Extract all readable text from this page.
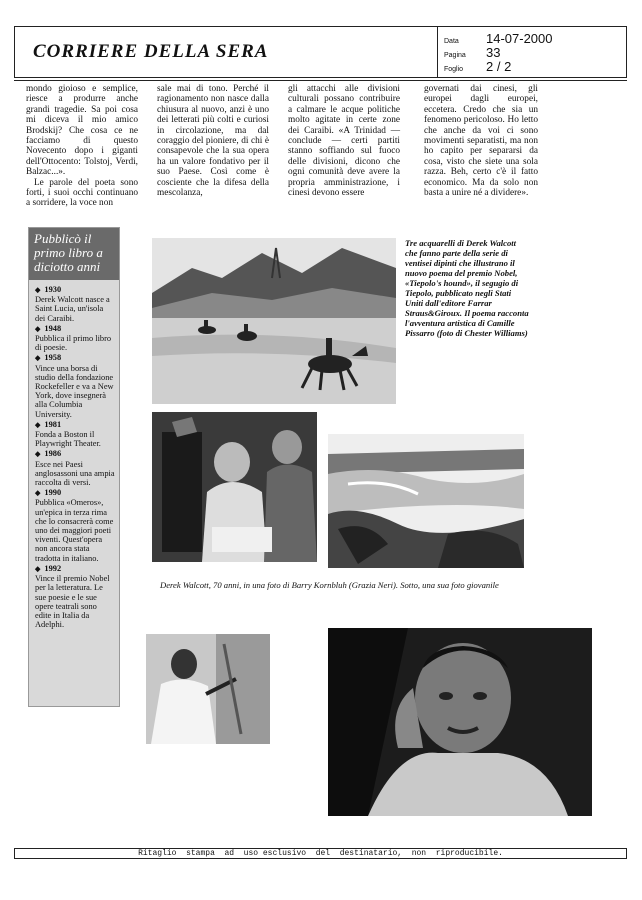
CORRIERE DELLA SERA	Data	14-07-2000
Pagina	33
Foglio	2 / 2

mondo gioioso e semplice, riesce a produrre anche grandi tragedie. Sa poi cosa mi diceva il mio amico Brodskij? Che cosa ce ne facciamo di questo Novecento dopo i giganti dell'Ottocento: Tolstoj, Verdi, Balzac...».

Le parole del poeta sono forti, i suoi occhi continuano a sorridere, la voce non

sale mai di tono. Perché il ragionamento non nasce dalla chiusura al nuovo, anzi è uno dei letterati più colti e curiosi in circolazione, ma dal coraggio del pioniere, di chi è consapevole che la sua opera ha un valore fondativo per il suo Paese. Così come è cosciente che la difesa della mescolanza,

gli attacchi alle divisioni culturali possano contribuire a calmare le acque politiche molto agitate in certe zone dei Caraibi. «A Trinidad — conclude — certi partiti stanno soffiando sul fuoco delle divisioni, dicono che ogni comunità deve avere la propria amministrazione, i cinesi devono essere

governati dai cinesi, gli europei dagli europei, eccetera. Credo che sia un fenomeno pericoloso. Ho letto che anche da voi ci sono movimenti separatisti, ma non ho capito per separarsi da cosa, visto che siete una sola razza. Beh, certo c'è il fatto economico. Ma da solo non basta a unire né a dividere».

Pubblicò il primo libro a diciotto anni
◆ 1930
Derek Walcott nasce a Saint Lucia, un'isola dei Caraibi.
◆ 1948
Pubblica il primo libro di poesie.
◆ 1958
Vince una borsa di studio della fondazione Rockefeller e va a New York, dove insegnerà alla Columbia University.
◆ 1981
Fonda a Boston il Playwright Theater.
◆ 1986
Esce nei Paesi anglosassoni una ampia raccolta di versi.
◆ 1990
Pubblica «Omeros», un'epica in terza rima che lo consacrerà come uno dei maggiori poeti viventi. Quest'opera non ancora stata tradotta in italiano.
◆ 1992
Vince il premio Nobel per la letteratura. Le sue poesie e le sue opere teatrali sono edite in Italia da Adelphi.
Tre acquarelli di Derek Walcott che fanno parte della serie di ventisei dipinti che illustrano il nuovo poema del premio Nobel, «Tiepolo's hound», il segugio di Tiepolo, pubblicato negli Stati Uniti dall'editore Farrar Straus&Giroux. Il poema racconta l'avventura artistica di Camille Pissarro (foto di Chester Williams)
Derek Walcott, 70 anni, in una foto di Barry Kornbluh (Grazia Neri). Sotto, una sua foto giovanile
Ritaglio  stampa  ad  uso esclusivo  del  destinatario,  non  riproducibile.
